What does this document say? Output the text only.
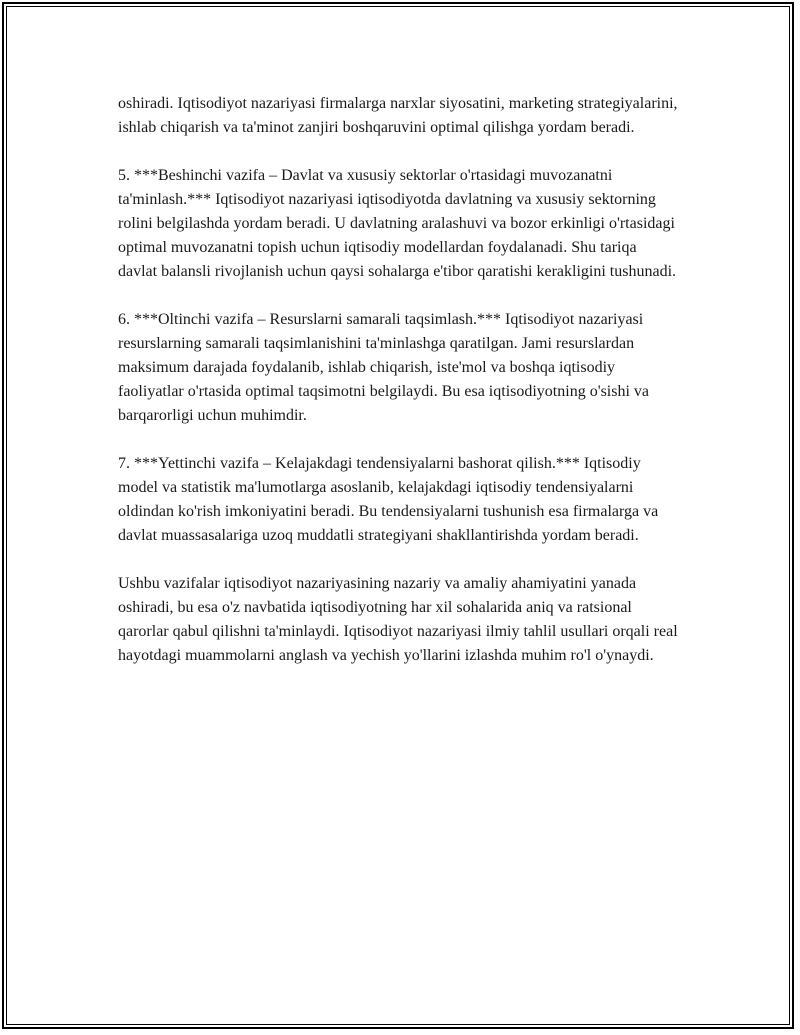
oshiradi. Iqtisodiyot nazariyasi firmalarga narxlar siyosatini, marketing strategiyalarini, ishlab chiqarish va ta'minot zanjiri boshqaruvini optimal qilishga yordam beradi.

5. ***Beshinchi vazifa – Davlat va xususiy sektorlar o'rtasidagi muvozanatni ta'minlash.*** Iqtisodiyot nazariyasi iqtisodiyotda davlatning va xususiy sektorning rolini belgilashda yordam beradi. U davlatning aralashuvi va bozor erkinligi o'rtasidagi optimal muvozanatni topish uchun iqtisodiy modellardan foydalanadi. Shu tariqa davlat balansli rivojlanish uchun qaysi sohalarga e'tibor qaratishi kerakligini tushunadi.

6. ***Oltinchi vazifa – Resurslarni samarali taqsimlash.*** Iqtisodiyot nazariyasi resurslarning samarali taqsimlanishini ta'minlashga qaratilgan. Jami resurslardan maksimum darajada foydalanib, ishlab chiqarish, iste'mol va boshqa iqtisodiy faoliyatlar o'rtasida optimal taqsimotni belgilaydi. Bu esa iqtisodiyotning o'sishi va barqarorligi uchun muhimdir.

7. ***Yettinchi vazifa – Kelajakdagi tendensiyalarni bashorat qilish.*** Iqtisodiy model va statistik ma'lumotlarga asoslanib, kelajakdagi iqtisodiy tendensiyalarni oldindan ko'rish imkoniyatini beradi. Bu tendensiyalarni tushunish esa firmalarga va davlat muassasalariga uzoq muddatli strategiyani shakllantirishda yordam beradi.

Ushbu vazifalar iqtisodiyot nazariyasining nazariy va amaliy ahamiyatini yanada oshiradi, bu esa o'z navbatida iqtisodiyotning har xil sohalarida aniq va ratsional qarorlar qabul qilishni ta'minlaydi. Iqtisodiyot nazariyasi ilmiy tahlil usullari orqali real hayotdagi muammolarni anglash va yechish yo'llarini izlashda muhim ro'l o'ynaydi.
